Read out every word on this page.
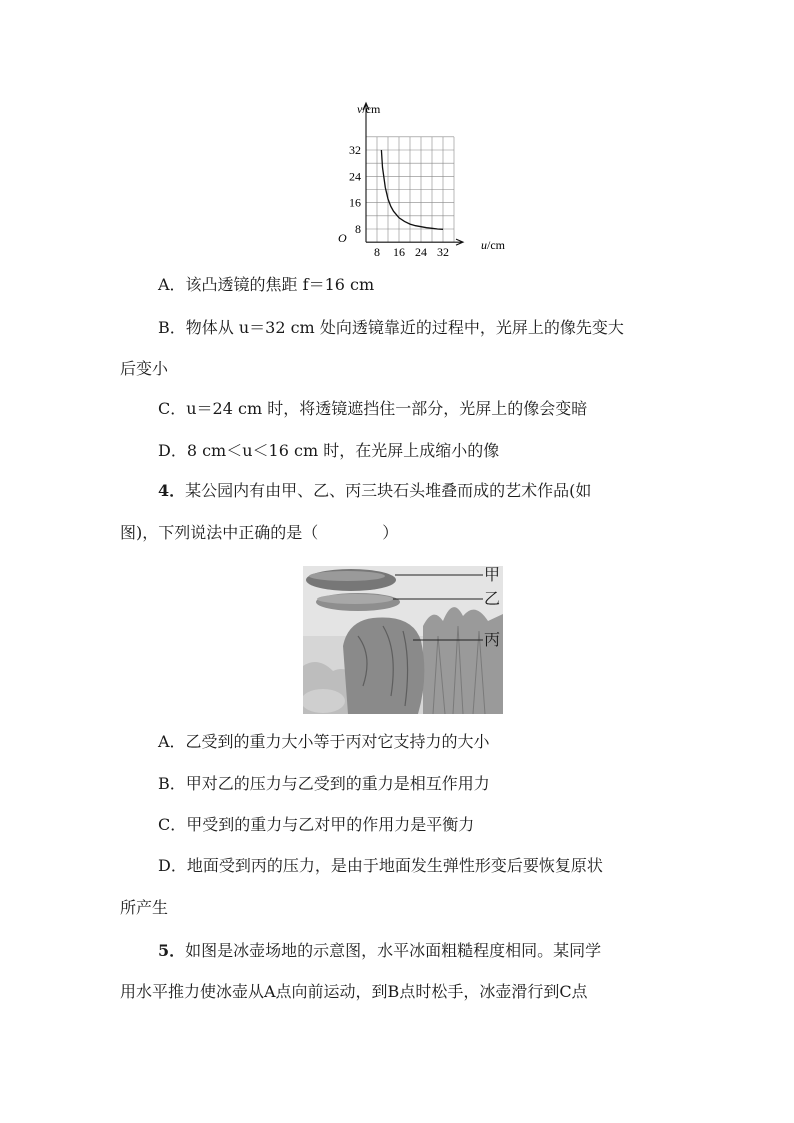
v/cm
u/cm
O
8 16 24 32
32
24
16
8
A．该凸透镜的焦距 f＝16 cm
B．物体从 u＝32 cm 处向透镜靠近的过程中，光屏上的像先变大
后变小
C．u＝24 cm 时，将透镜遮挡住一部分，光屏上的像会变暗
D．8 cm＜u＜16 cm 时，在光屏上成缩小的像
4．某公园内有由甲、乙、丙三块石头堆叠而成的艺术作品(如
图)，下列说法中正确的是（　　　　）
甲
乙
丙
A．乙受到的重力大小等于丙对它支持力的大小
B．甲对乙的压力与乙受到的重力是相互作用力
C．甲受到的重力与乙对甲的作用力是平衡力
D．地面受到丙的压力，是由于地面发生弹性形变后要恢复原状
所产生
5．如图是冰壶场地的示意图，水平冰面粗糙程度相同。某同学
用水平推力使冰壶从A点向前运动，到B点时松手，冰壶滑行到C点
